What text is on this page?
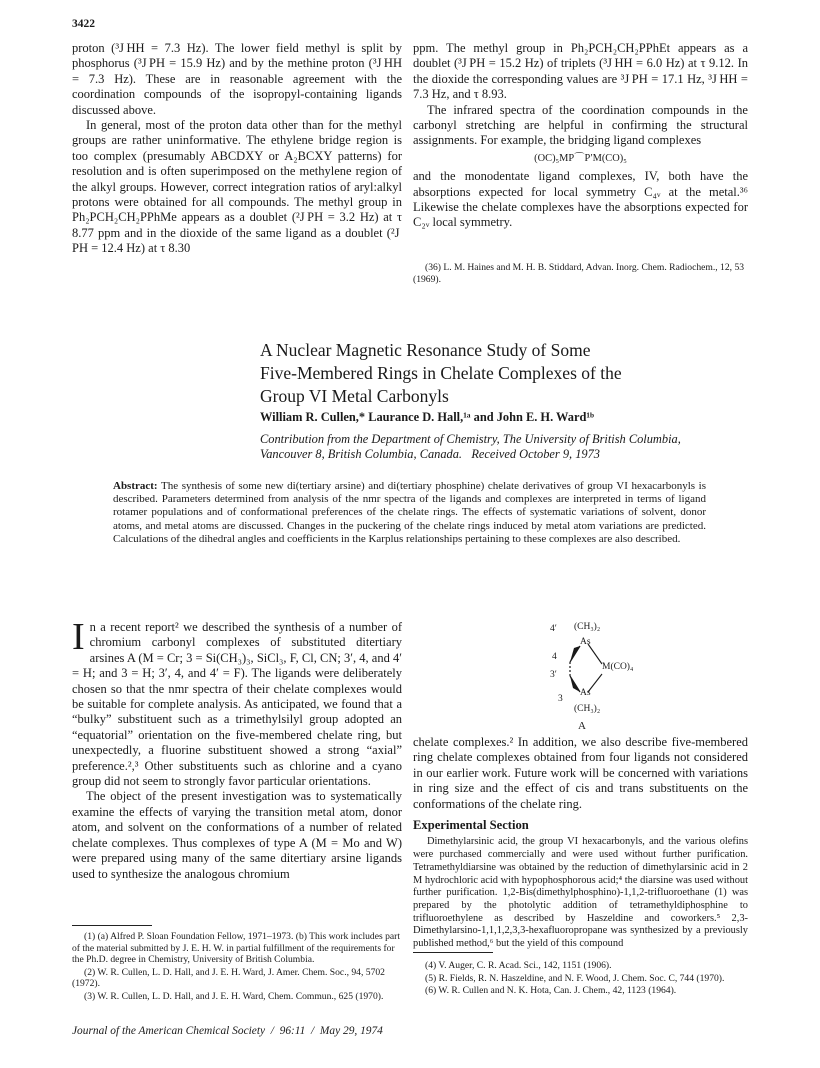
3422

proton (³J HH = 7.3 Hz). The lower field methyl is split by phosphorus (³J PH = 15.9 Hz) and by the methine proton (³J HH = 7.3 Hz). These are in reasonable agreement with the coordination compounds of the isopropyl-containing ligands discussed above.

In general, most of the proton data other than for the methyl groups are rather uninformative. The ethylene bridge region is too complex (presumably ABCDXY or A₂BCXY patterns) for resolution and is often superimposed on the methylene region of the alkyl groups. However, correct integration ratios of aryl:alkyl protons were obtained for all compounds. The methyl group in Ph₂PCH₂CH₂PPhMe appears as a doublet (²J PH = 3.2 Hz) at τ 8.77 ppm and in the dioxide of the same ligand as a doublet (²J PH = 12.4 Hz) at τ 8.30

ppm. The methyl group in Ph₂PCH₂CH₂PPhEt appears as a doublet (³J PH = 15.2 Hz) of triplets (³J HH = 6.0 Hz) at τ 9.12. In the dioxide the corresponding values are ³J PH = 17.1 Hz, ³J HH = 7.3 Hz, and τ 8.93.

The infrared spectra of the coordination compounds in the carbonyl stretching are helpful in confirming the structural assignments. For example, the bridging ligand complexes

(OC)₅MP⌒P′M(CO)₅

and the monodentate ligand complexes, IV, both have the absorptions expected for local symmetry C₄ᵥ at the metal.³⁶ Likewise the chelate complexes have the absorptions expected for C₂ᵥ local symmetry.

(36) L. M. Haines and M. H. B. Stiddard, Advan. Inorg. Chem. Radiochem., 12, 53 (1969).
A Nuclear Magnetic Resonance Study of Some
Five-Membered Rings in Chelate Complexes of the
Group VI Metal Carbonyls
William R. Cullen,* Laurance D. Hall,¹ᵃ and John E. H. Ward¹ᵇ
Contribution from the Department of Chemistry, The University of British Columbia,
Vancouver 8, British Columbia, Canada.   Received October 9, 1973
Abstract: The synthesis of some new di(tertiary arsine) and di(tertiary phosphine) chelate derivatives of group VI hexacarbonyls is described. Parameters determined from analysis of the nmr spectra of the ligands and complexes are interpreted in terms of ligand rotamer populations and of conformational preferences of the chelate rings. The effects of systematic variations of solvent, donor atoms, and metal atoms are discussed. Changes in the puckering of the chelate rings induced by metal atom variations are predicted. Calculations of the dihedral angles and coefficients in the Karplus relationships pertaining to these complexes are also described.

In a recent report² we described the synthesis of a number of chromium carbonyl complexes of substituted ditertiary arsines A (M = Cr; 3 = Si(CH₃)₃, SiCl₃, F, Cl, CN; 3′, 4, and 4′ = H; and 3 = H; 3′, 4, and 4′ = F). The ligands were deliberately chosen so that the nmr spectra of their chelate complexes would be suitable for complete analysis. As anticipated, we found that a “bulky” substituent such as a trimethylsilyl group adopted an “equatorial” orientation on the five-membered chelate ring, but unexpectedly, a fluorine substituent showed a strong “axial” preference.²,³ Other substituents such as chlorine and a cyano group did not seem to strongly favor particular orientations.

The object of the present investigation was to systematically examine the effects of varying the transition metal atom, donor atom, and solvent on the conformations of a number of related chelate complexes. Thus complexes of type A (M = Mo and W) were prepared using many of the same ditertiary arsine ligands used to synthesize the analogous chromium

(1) (a) Alfred P. Sloan Foundation Fellow, 1971–1973. (b) This work includes part of the material submitted by J. E. H. W. in partial fulfillment of the requirements for the Ph.D. degree in Chemistry, University of British Columbia.

(2) W. R. Cullen, L. D. Hall, and J. E. H. Ward, J. Amer. Chem. Soc., 94, 5702 (1972).

(3) W. R. Cullen, L. D. Hall, and J. E. H. Ward, Chem. Commun., 625 (1970).

4′ (CH₃)₂
As
4
3′
M(CO)₄
As
3
(CH₃)₂
A

chelate complexes.² In addition, we also describe five-membered ring chelate complexes obtained from four ligands not considered in our earlier work. Future work will be concerned with variations in ring size and the effect of cis and trans substituents on the conformations of the chelate ring.

Experimental Section

Dimethylarsinic acid, the group VI hexacarbonyls, and the various olefins were purchased commercially and were used without further purification. Tetramethyldiarsine was obtained by the reduction of dimethylarsinic acid in 2 M hydrochloric acid with hypophosphorous acid;⁴ the diarsine was used without further purification. 1,2-Bis(dimethylphosphino)-1,1,2-trifluoroethane (1) was prepared by the photolytic addition of tetramethyldiphosphine to trifluoroethylene as described by Haszeldine and coworkers.⁵ 2,3-Dimethylarsino-1,1,1,2,3,3-hexafluoropropane was synthesized by a previously published method,⁶ but the yield of this compound

(4) V. Auger, C. R. Acad. Sci., 142, 1151 (1906).

(5) R. Fields, R. N. Haszeldine, and N. F. Wood, J. Chem. Soc. C, 744 (1970).

(6) W. R. Cullen and N. K. Hota, Can. J. Chem., 42, 1123 (1964).

Journal of the American Chemical Society  /  96:11  /  May 29, 1974
